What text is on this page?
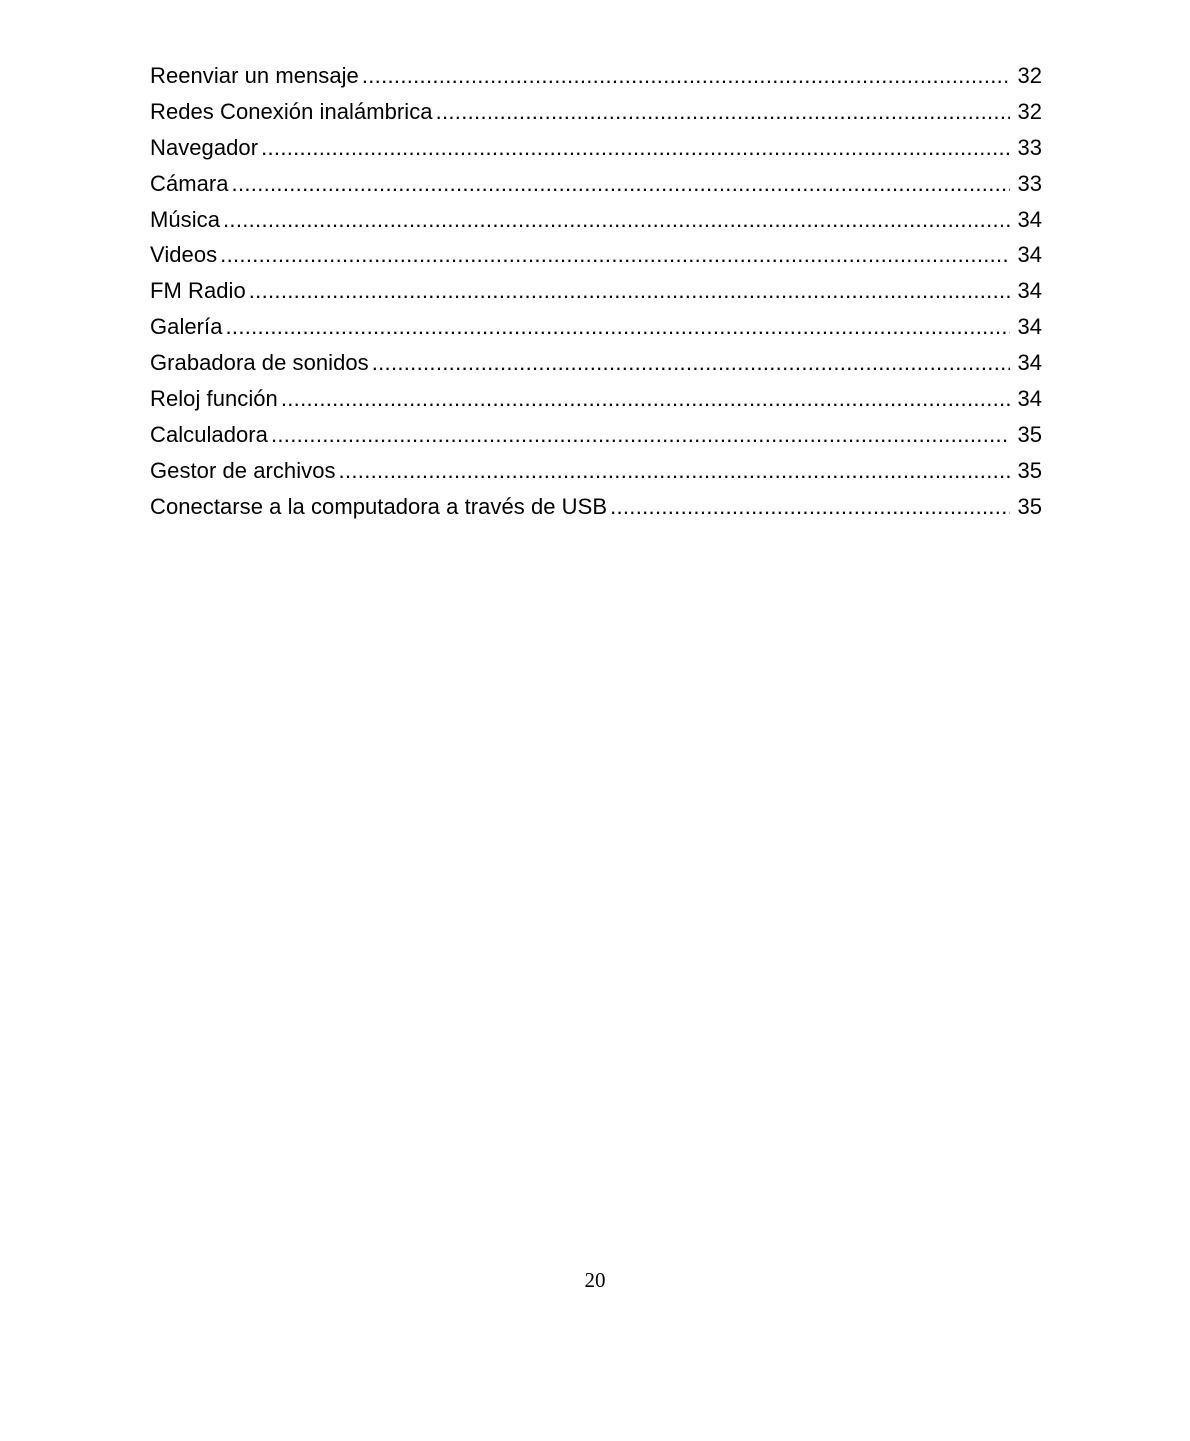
Reenviar un mensaje .....	32
Redes Conexión inalámbrica .....	32
Navegador .....	33
Cámara .....	33
Música .....	34
Videos .....	34
FM Radio .....	34
Galería .....	34
Grabadora de sonidos .....	34
Reloj función .....	34
Calculadora .....	35
Gestor de archivos .....	35
Conectarse a la computadora a través de USB .....	35
20
